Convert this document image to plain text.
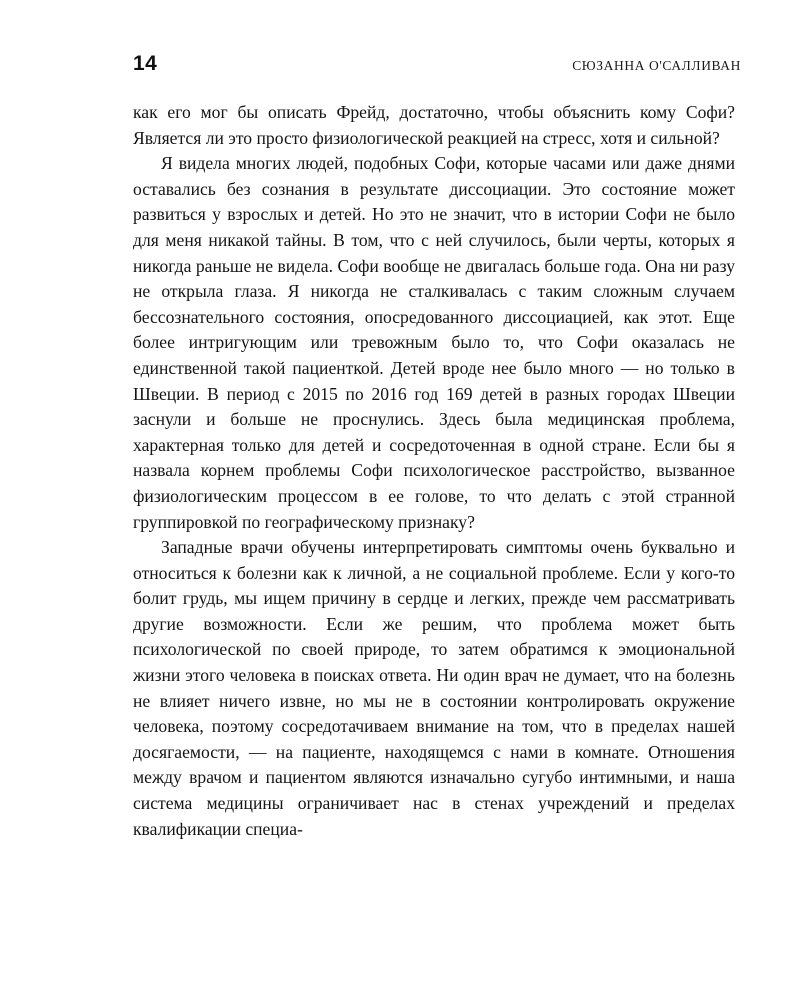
14	СЮЗАННА О'САЛЛИВАН

как его мог бы описать Фрейд, достаточно, чтобы объяснить кому Софи? Является ли это просто физиологической реакцией на стресс, хотя и сильной?

Я видела многих людей, подобных Софи, которые часами или даже днями оставались без сознания в результате диссоциации. Это состояние может развиться у взрослых и детей. Но это не значит, что в истории Софи не было для меня никакой тайны. В том, что с ней случилось, были черты, которых я никогда раньше не видела. Софи вообще не двигалась больше года. Она ни разу не открыла глаза. Я никогда не сталкивалась с таким сложным случаем бессознательного состояния, опосредованного диссоциацией, как этот. Еще более интригующим или тревожным было то, что Софи оказалась не единственной такой пациенткой. Детей вроде нее было много — но только в Швеции. В период с 2015 по 2016 год 169 детей в разных городах Швеции заснули и больше не проснулись. Здесь была медицинская проблема, характерная только для детей и сосредоточенная в одной стране. Если бы я назвала корнем проблемы Софи психологическое расстройство, вызванное физиологическим процессом в ее голове, то что делать с этой странной группировкой по географическому признаку?

Западные врачи обучены интерпретировать симптомы очень буквально и относиться к болезни как к личной, а не социальной проблеме. Если у кого-то болит грудь, мы ищем причину в сердце и легких, прежде чем рассматривать другие возможности. Если же решим, что проблема может быть психологической по своей природе, то затем обратимся к эмоциональной жизни этого человека в поисках ответа. Ни один врач не думает, что на болезнь не влияет ничего извне, но мы не в состоянии контролировать окружение человека, поэтому сосредотачиваем внимание на том, что в пределах нашей досягаемости, — на пациенте, находящемся с нами в комнате. Отношения между врачом и пациентом являются изначально сугубо интимными, и наша система медицины ограничивает нас в стенах учреждений и пределах квалификации специа-
